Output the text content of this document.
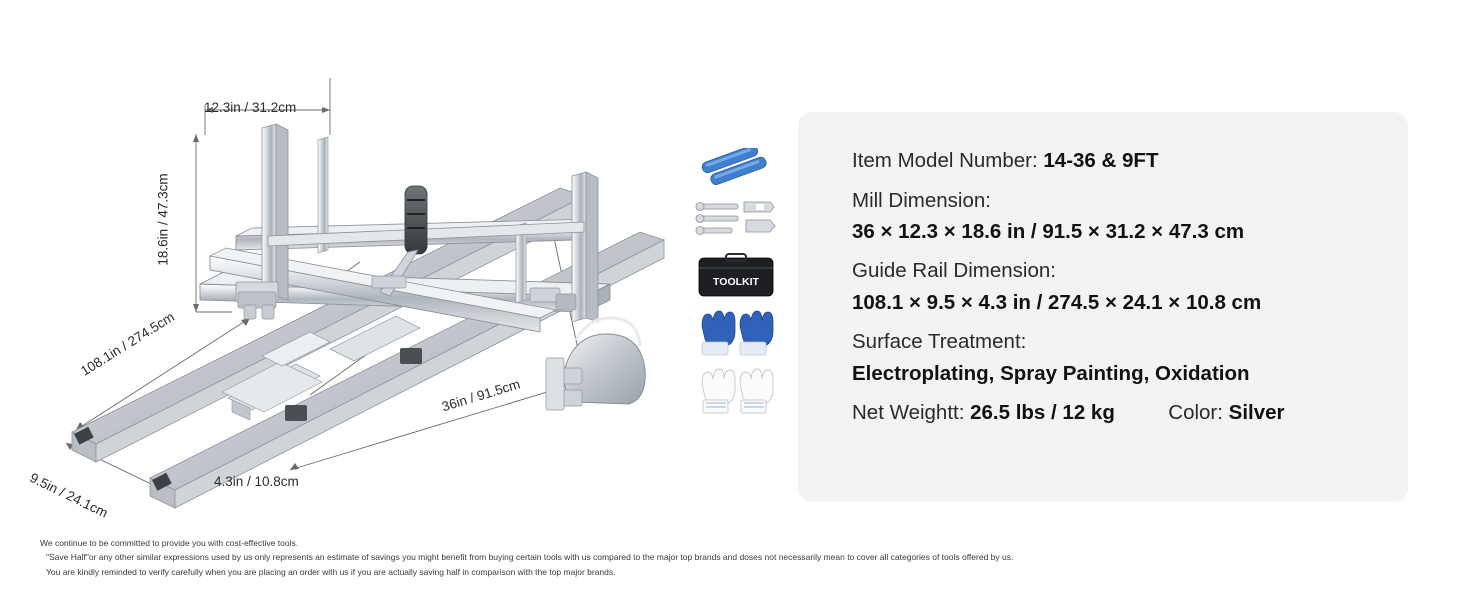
12.3in / 31.2cm
18.6in / 47.3cm
108.1in / 274.5cm
36in / 91.5cm
9.5in / 24.1cm	4.3in / 10.8cm
TOOLKIT
Item Model Number: 14-36 & 9FT
Mill Dimension:
36 × 12.3 × 18.6 in / 91.5 × 31.2 × 47.3 cm
Guide Rail Dimension:
108.1 × 9.5 × 4.3 in / 274.5 × 24.1 × 10.8 cm
Surface Treatment:
Electroplating, Spray Painting, Oxidation
Net Weightt: 26.5 lbs / 12 kg	Color: Silver

We continue to be committed to provide you with cost-effective tools.

"Save Half"or any other similar expressions used by us only represents an estimate of savings you might benefit from buying certain tools with us compared to the major top brands and doses not necessarily mean to cover all categories of tools offered by us.

You are kindly reminded to verify carefully when you are placing an order with us if you are actually saving half in comparison with the top major brands.
